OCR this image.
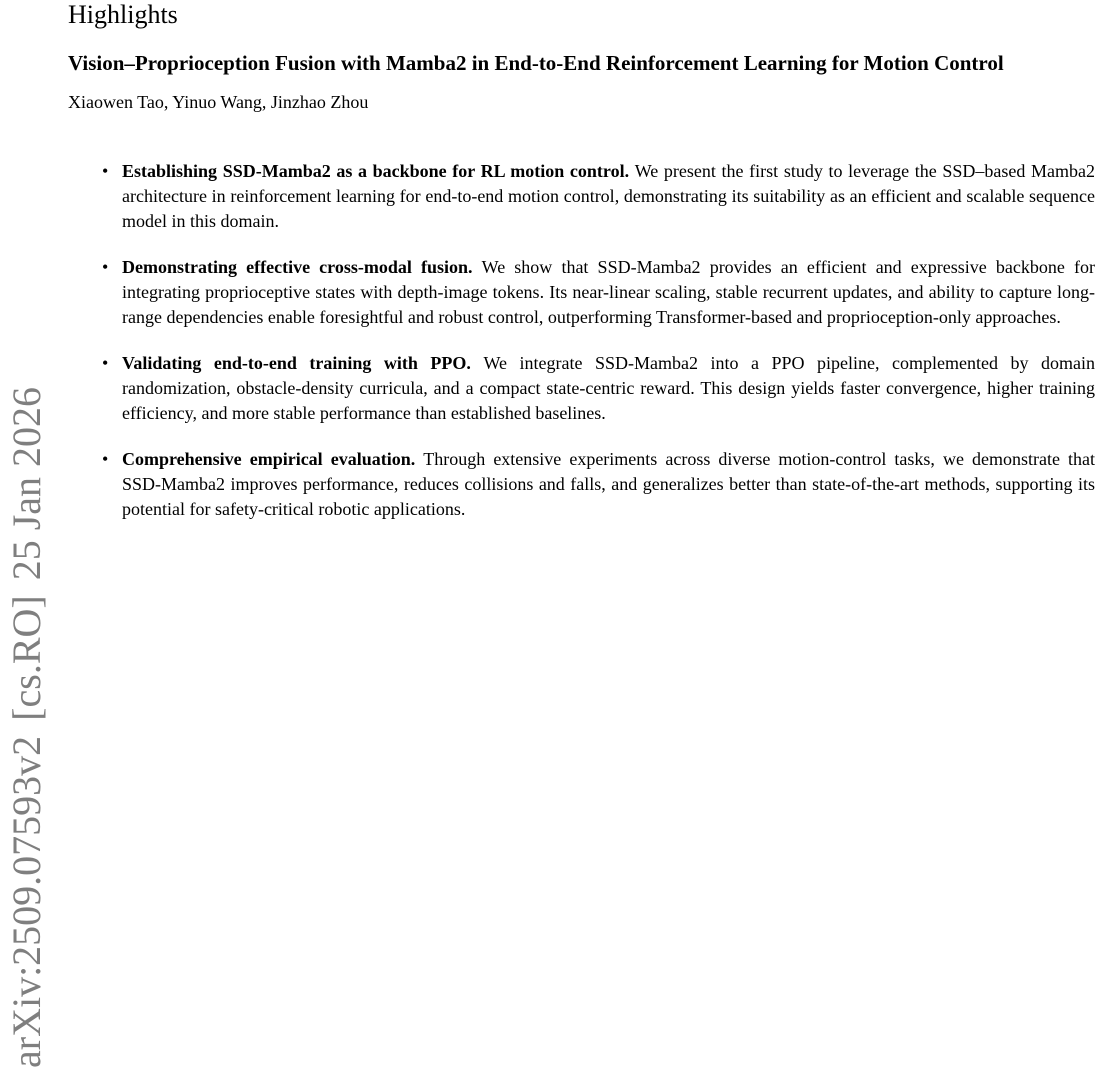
arXiv:2509.07593v2
[cs.RO]
25 Jan 2026
Highlights
Vision–Proprioception Fusion with Mamba2 in End-to-End Reinforcement Learning for Motion Control
Xiaowen Tao, Yinuo Wang, Jinzhao Zhou
• Establishing SSD-Mamba2 as a backbone for RL motion control. We present the first study to leverage the SSD–based Mamba2 architecture in reinforcement learning for end-to-end motion control, demonstrating its suitability as an efficient and scalable sequence model in this domain.
• Demonstrating effective cross-modal fusion. We show that SSD-Mamba2 provides an efficient and expressive backbone for integrating proprioceptive states with depth-image tokens. Its near-linear scaling, stable recurrent updates, and ability to capture long-range dependencies enable foresightful and robust control, outperforming Transformer-based and proprioception-only approaches.
• Validating end-to-end training with PPO. We integrate SSD-Mamba2 into a PPO pipeline, complemented by domain randomization, obstacle-density curricula, and a compact state-centric reward. This design yields faster convergence, higher training efficiency, and more stable performance than established baselines.
• Comprehensive empirical evaluation. Through extensive experiments across diverse motion-control tasks, we demonstrate that SSD-Mamba2 improves performance, reduces collisions and falls, and generalizes better than state-of-the-art methods, supporting its potential for safety-critical robotic applications.
